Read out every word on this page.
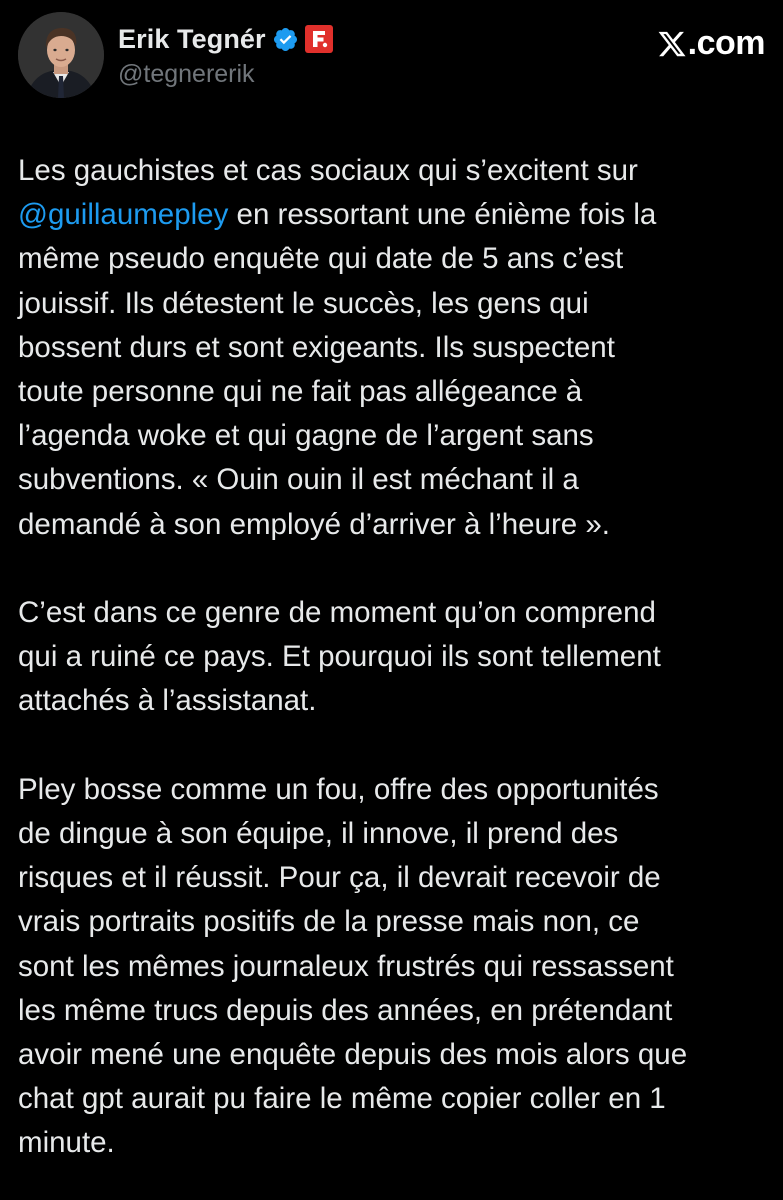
Erik Tegnér
@tegnererik
.com
Les gauchistes et cas sociaux qui s’excitent sur
@guillaumepley en ressortant une énième fois la
même pseudo enquête qui date de 5 ans c’est
jouissif. Ils détestent le succès, les gens qui
bossent durs et sont exigeants. Ils suspectent
toute personne qui ne fait pas allégeance à
l’agenda woke et qui gagne de l’argent sans
subventions. « Ouin ouin il est méchant il a
demandé à son employé d’arriver à l’heure ».
C’est dans ce genre de moment qu’on comprend
qui a ruiné ce pays. Et pourquoi ils sont tellement
attachés à l’assistanat.
Pley bosse comme un fou, offre des opportunités
de dingue à son équipe, il innove, il prend des
risques et il réussit. Pour ça, il devrait recevoir de
vrais portraits positifs de la presse mais non, ce
sont les mêmes journaleux frustrés qui ressassent
les même trucs depuis des années, en prétendant
avoir mené une enquête depuis des mois alors que
chat gpt aurait pu faire le même copier coller en 1
minute.
